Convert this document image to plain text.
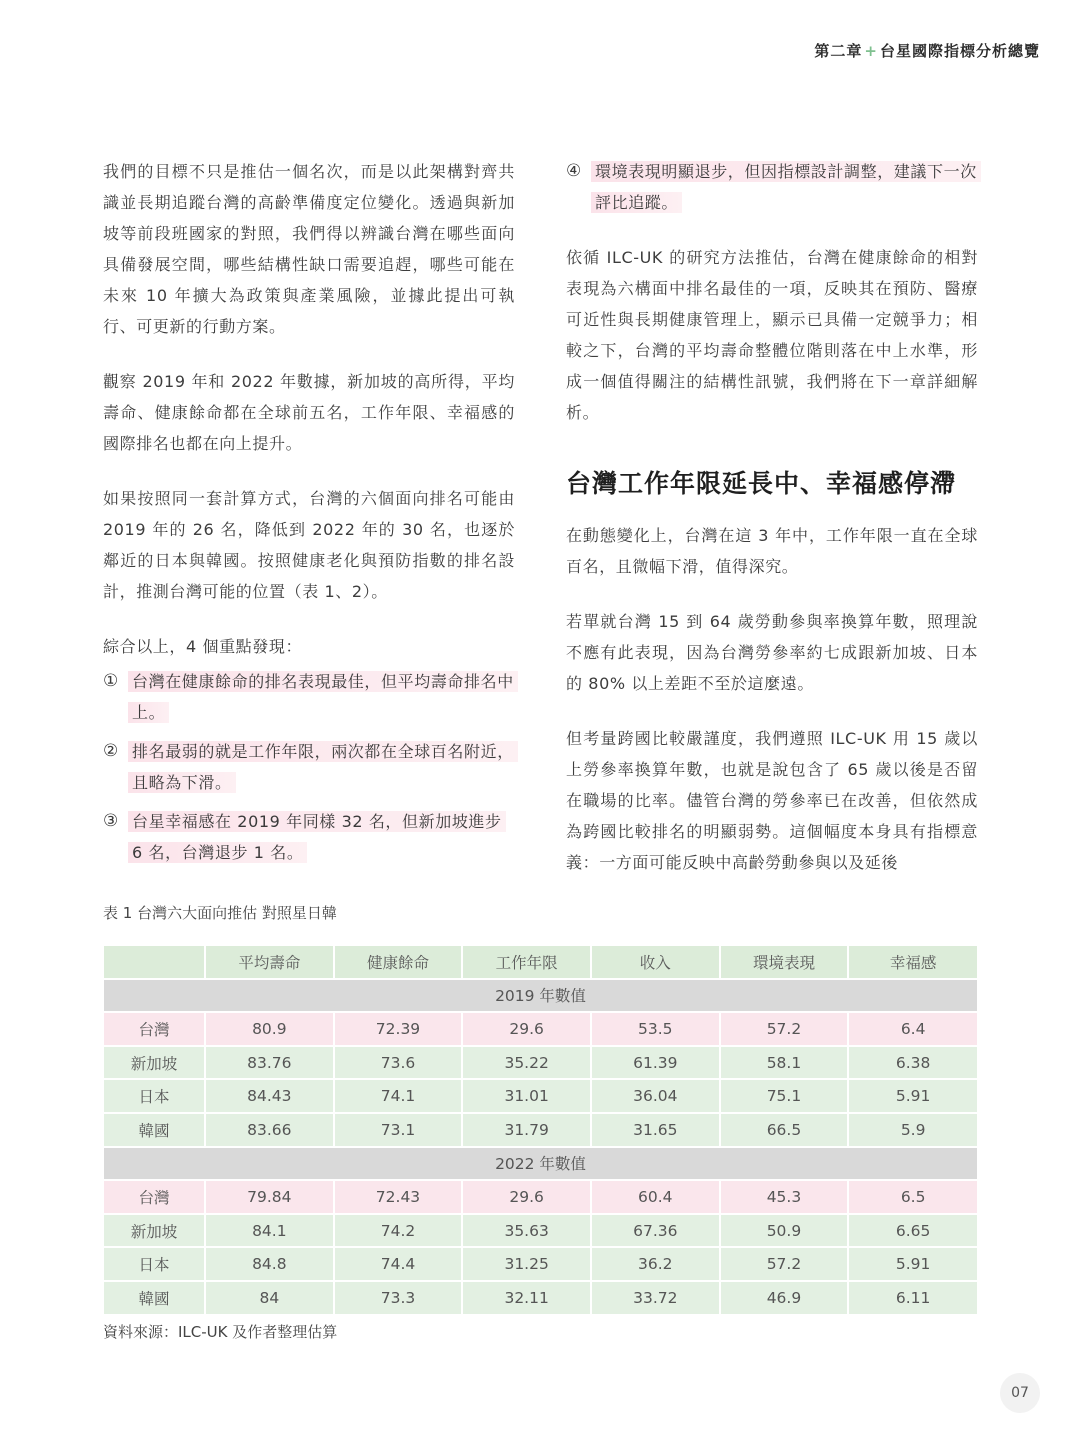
第二章 + 台星國際指標分析總覽

我們的目標不只是推估一個名次，而是以此架構對齊共識並長期追蹤台灣的高齡準備度定位變化。透過與新加坡等前段班國家的對照，我們得以辨識台灣在哪些面向具備發展空間，哪些結構性缺口需要追趕，哪些可能在未來 10 年擴大為政策與產業風險，並據此提出可執行、可更新的行動方案。

觀察 2019 年和 2022 年數據，新加坡的高所得，平均壽命、健康餘命都在全球前五名，工作年限、幸福感的國際排名也都在向上提升。

如果按照同一套計算方式，台灣的六個面向排名可能由 2019 年的 26 名，降低到 2022 年的 30 名，也逐於鄰近的日本與韓國。按照健康老化與預防指數的排名設計，推測台灣可能的位置（表 1、2）。

綜合以上，4 個重點發現：

① 台灣在健康餘命的排名表現最佳，但平均壽命排名中上。
② 排名最弱的就是工作年限，兩次都在全球百名附近，且略為下滑。
③ 台星幸福感在 2019 年同樣 32 名，但新加坡進步 6 名，台灣退步 1 名。
④ 環境表現明顯退步，但因指標設計調整，建議下一次評比追蹤。

依循 ILC-UK 的研究方法推估，台灣在健康餘命的相對表現為六構面中排名最佳的一項，反映其在預防、醫療可近性與長期健康管理上，顯示已具備一定競爭力；相較之下，台灣的平均壽命整體位階則落在中上水準，形成一個值得關注的結構性訊號，我們將在下一章詳細解析。

台灣工作年限延長中、幸福感停滯

在動態變化上，台灣在這 3 年中，工作年限一直在全球百名，且微幅下滑，值得深究。

若單就台灣 15 到 64 歲勞動參與率換算年數，照理說不應有此表現，因為台灣勞參率約七成跟新加坡、日本的 80% 以上差距不至於這麼遠。

但考量跨國比較嚴謹度，我們遵照 ILC-UK 用 15 歲以上勞參率換算年數，也就是說包含了 65 歲以後是否留在職場的比率。儘管台灣的勞參率已在改善，但依然成為跨國比較排名的明顯弱勢。這個幅度本身具有指標意義：一方面可能反映中高齡勞動參與以及延後

表 1 台灣六大面向推估 對照星日韓
	平均壽命	健康餘命	工作年限	收入	環境表現	幸福感
2019 年數值						
台灣	80.9	72.39	29.6	53.5	57.2	6.4
新加坡	83.76	73.6	35.22	61.39	58.1	6.38
日本	84.43	74.1	31.01	36.04	75.1	5.91
韓國	83.66	73.1	31.79	31.65	66.5	5.9
2022 年數值						
台灣	79.84	72.43	29.6	60.4	45.3	6.5
新加坡	84.1	74.2	35.63	67.36	50.9	6.65
日本	84.8	74.4	31.25	36.2	57.2	5.91
韓國	84	73.3	32.11	33.72	46.9	6.11
資料來源：ILC-UK 及作者整理估算
07
